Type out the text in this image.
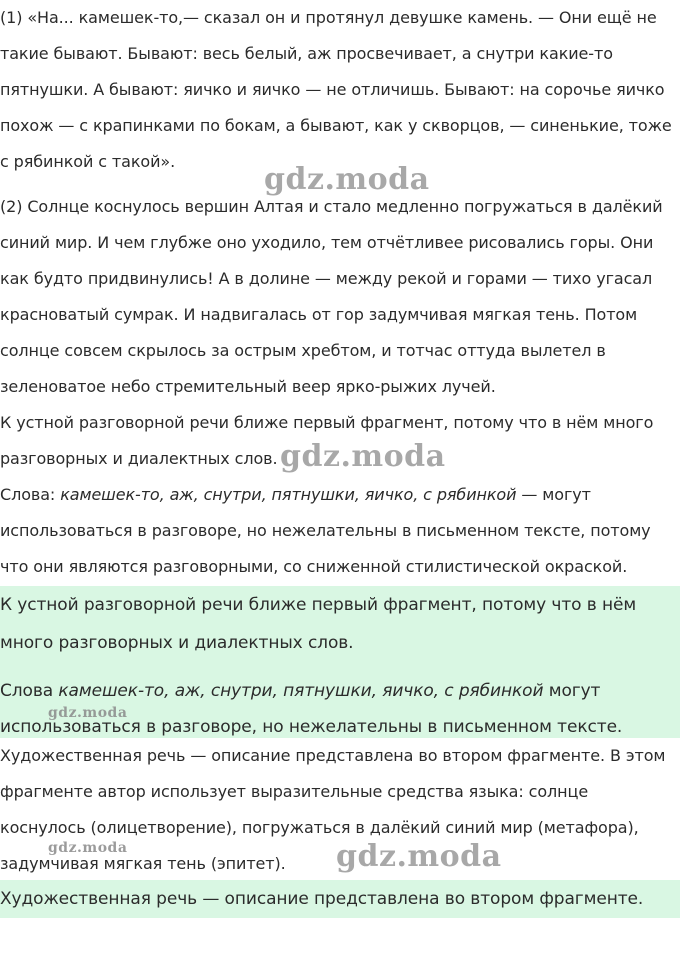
(1) «На... камешек-то,— сказал он и протянул девушке камень. — Они ещё не
такие бывают. Бывают: весь белый, аж просвечивает, а снутри какие-то
пятнушки. А бывают: яичко и яичко — не отличишь. Бывают: на сорочье яичко
похож — с крапинками по бокам, а бывают, как у скворцов, — синенькие, тоже
с рябинкой с такой».
(2) Солнце коснулось вершин Алтая и стало медленно погружаться в далёкий
синий мир. И чем глубже оно уходило, тем отчётливее рисовались горы. Они
как будто придвинулись! А в долине — между рекой и горами — тихо угасал
красноватый сумрак. И надвигалась от гор задумчивая мягкая тень. Потом
солнце совсем скрылось за острым хребтом, и тотчас оттуда вылетел в
зеленоватое небо стремительный веер ярко-рыжих лучей.
К устной разговорной речи ближе первый фрагмент, потому что в нём много
разговорных и диалектных слов.
Слова: камешек-то, аж, снутри, пятнушки, яичко, с рябинкой — могут
использоваться в разговоре, но нежелательны в письменном тексте, потому
что они являются разговорными, со сниженной стилистической окраской.
К устной разговорной речи ближе первый фрагмент, потому что в нём
много разговорных и диалектных слов.
Слова камешек-то, аж, снутри, пятнушки, яичко, с рябинкой могут
использоваться в разговоре, но нежелательны в письменном тексте.
Художественная речь — описание представлена во втором фрагменте. В этом
фрагменте автор использует выразительные средства языка: солнце
коснулось (олицетворение), погружаться в далёкий синий мир (метафора),
задумчивая мягкая тень (эпитет).
Художественная речь — описание представлена во втором фрагменте.
gdz.moda
gdz.moda
gdz.moda
gdz.moda	gdz.moda
